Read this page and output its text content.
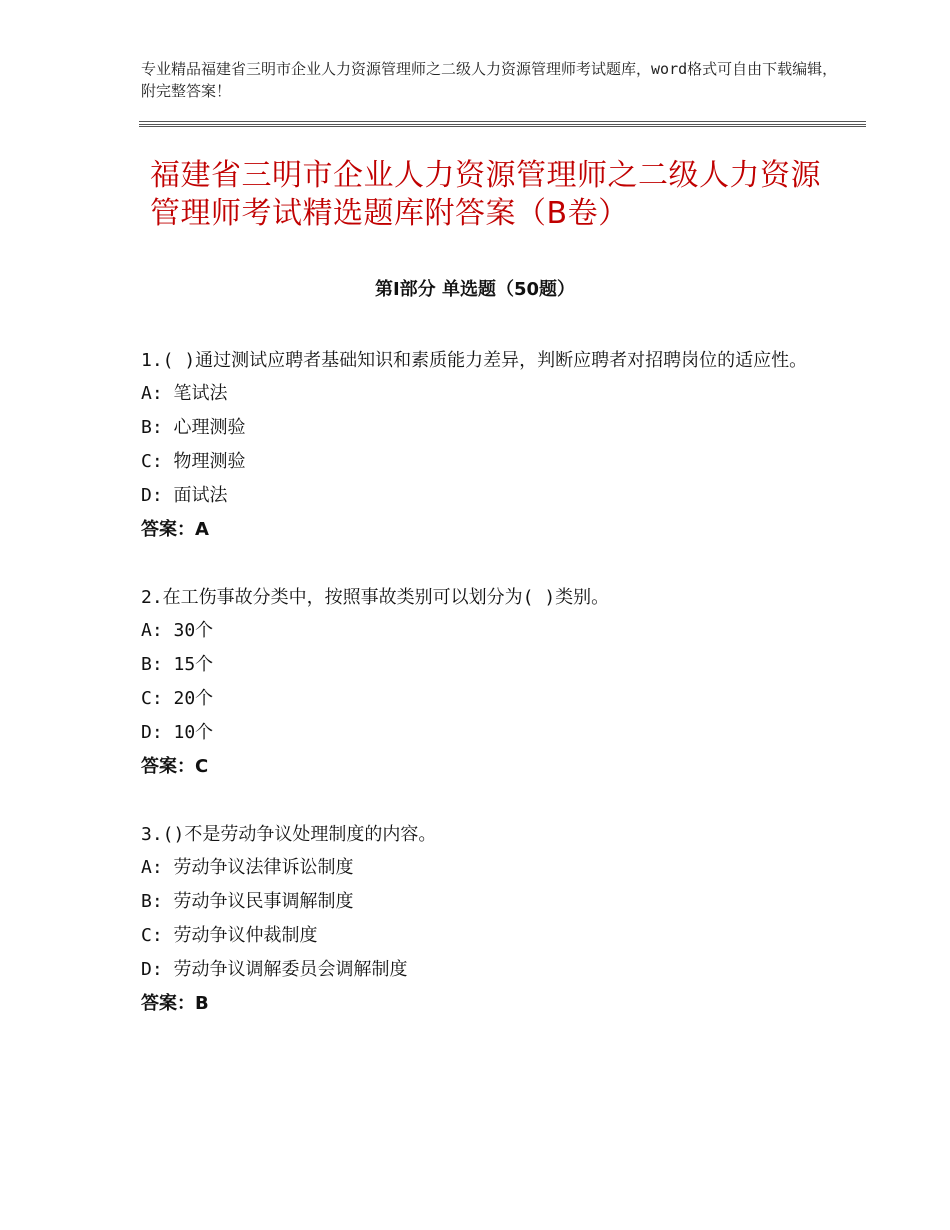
专业精品福建省三明市企业人力资源管理师之二级人力资源管理师考试题库，word格式可自由下载编辑，附完整答案！
福建省三明市企业人力资源管理师之二级人力资源管理师考试精选题库附答案（B卷）
第Ⅰ部分 单选题（50题）
1.( )通过测试应聘者基础知识和素质能力差异，判断应聘者对招聘岗位的适应性。
A: 笔试法
B: 心理测验
C: 物理测验
D: 面试法
答案：A
2.在工伤事故分类中，按照事故类别可以划分为( )类别。
A: 30个
B: 15个
C: 20个
D: 10个
答案：C
3.()不是劳动争议处理制度的内容。
A: 劳动争议法律诉讼制度
B: 劳动争议民事调解制度
C: 劳动争议仲裁制度
D: 劳动争议调解委员会调解制度
答案：B
